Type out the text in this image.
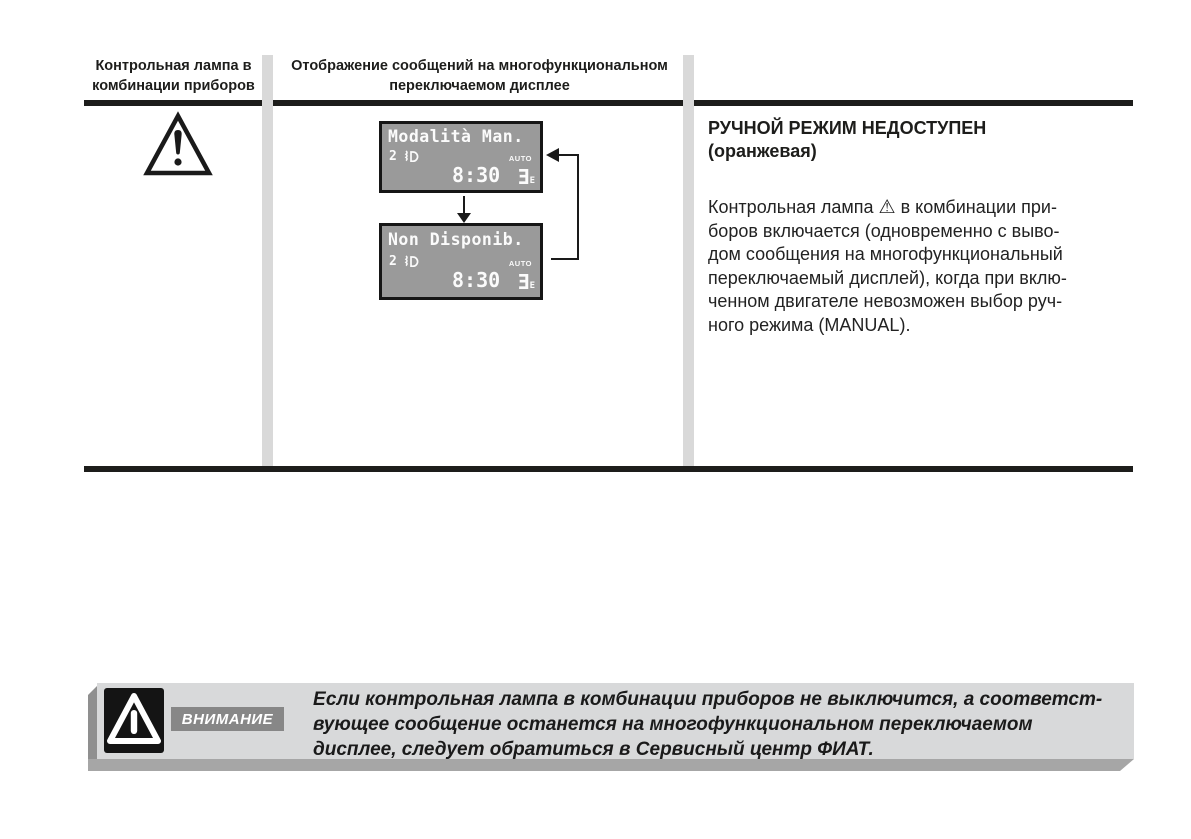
Контрольная лампа в
комбинации приборов
Отображение сообщений на многофункциональном
переключаемом дисплее
Modalità Man.
2	AUTO
8:30 Ǝ E
Non Disponib.
2	AUTO
8:30 Ǝ E
РУЧНОЙ РЕЖИМ НЕДОСТУПЕН
(оранжевая)
Контрольная лампа ⚠ в комбинации при-
боров включается (одновременно с выво-
дом сообщения на многофункциональный
переключаемый дисплей), когда при вклю-
ченном двигателе невозможен выбор руч-
ного режима (MANUAL).
ВНИМАНИЕ
Если контрольная лампа в комбинации приборов не выключится, а соответст-
вующее сообщение останется на многофункциональном переключаемом
дисплее, следует обратиться в Сервисный центр ФИАТ.
